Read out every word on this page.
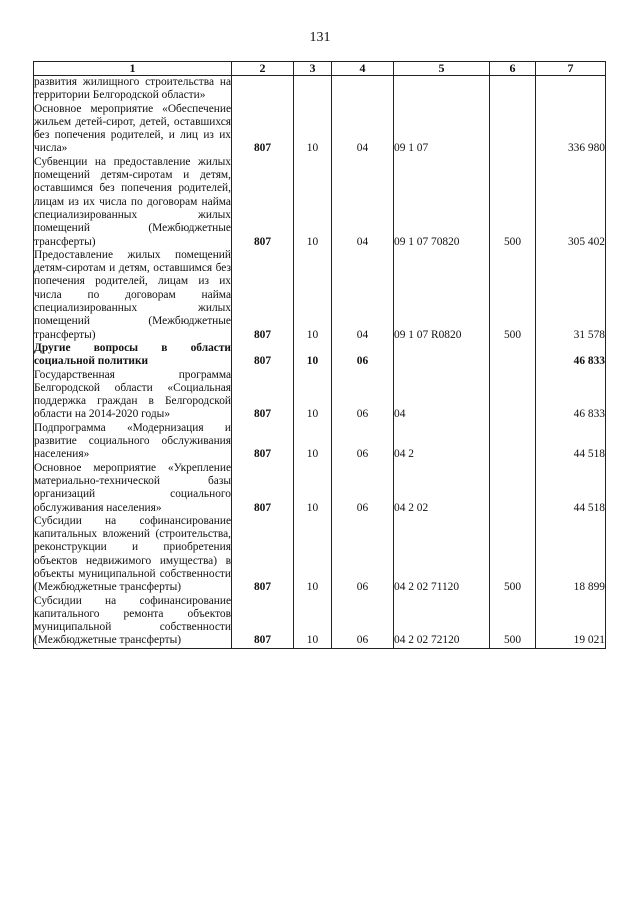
131
1	2	3	4	5	6	7
развития жилищного строительства на территории Белгородской области»						
Основное мероприятие «Обеспечение жильем детей-сирот, детей, оставшихся без попечения родителей, и лиц из их числа»	807	10	04	09 1 07		336 980
Субвенции на предоставление жилых помещений детям-сиротам и детям, оставшимся без попечения родителей, лицам из их числа по договорам найма специализированных жилых помещений (Межбюджетные трансферты)	807	10	04	09 1 07 70820	500	305 402
Предоставление жилых помещений детям-сиротам и детям, оставшимся без попечения родителей, лицам из их числа по договорам найма специализированных жилых помещений (Межбюджетные трансферты)	807	10	04	09 1 07 R0820	500	31 578
Другие вопросы в области социальной политики	807	10	06			46 833
Государственная программа Белгородской области «Социальная поддержка граждан в Белгородской области на 2014-2020 годы»	807	10	06	04		46 833
Подпрограмма «Модернизация и развитие социального обслуживания населения»	807	10	06	04 2		44 518
Основное мероприятие «Укрепление материально-технической базы организаций социального обслуживания населения»	807	10	06	04 2 02		44 518
Субсидии на софинансирование капитальных вложений (строительства, реконструкции и приобретения объектов недвижимого имущества) в объекты муниципальной собственности (Межбюджетные трансферты)	807	10	06	04 2 02 71120	500	18 899
Субсидии на софинансирование капитального ремонта объектов муниципальной собственности (Межбюджетные трансферты)	807	10	06	04 2 02 72120	500	19 021
